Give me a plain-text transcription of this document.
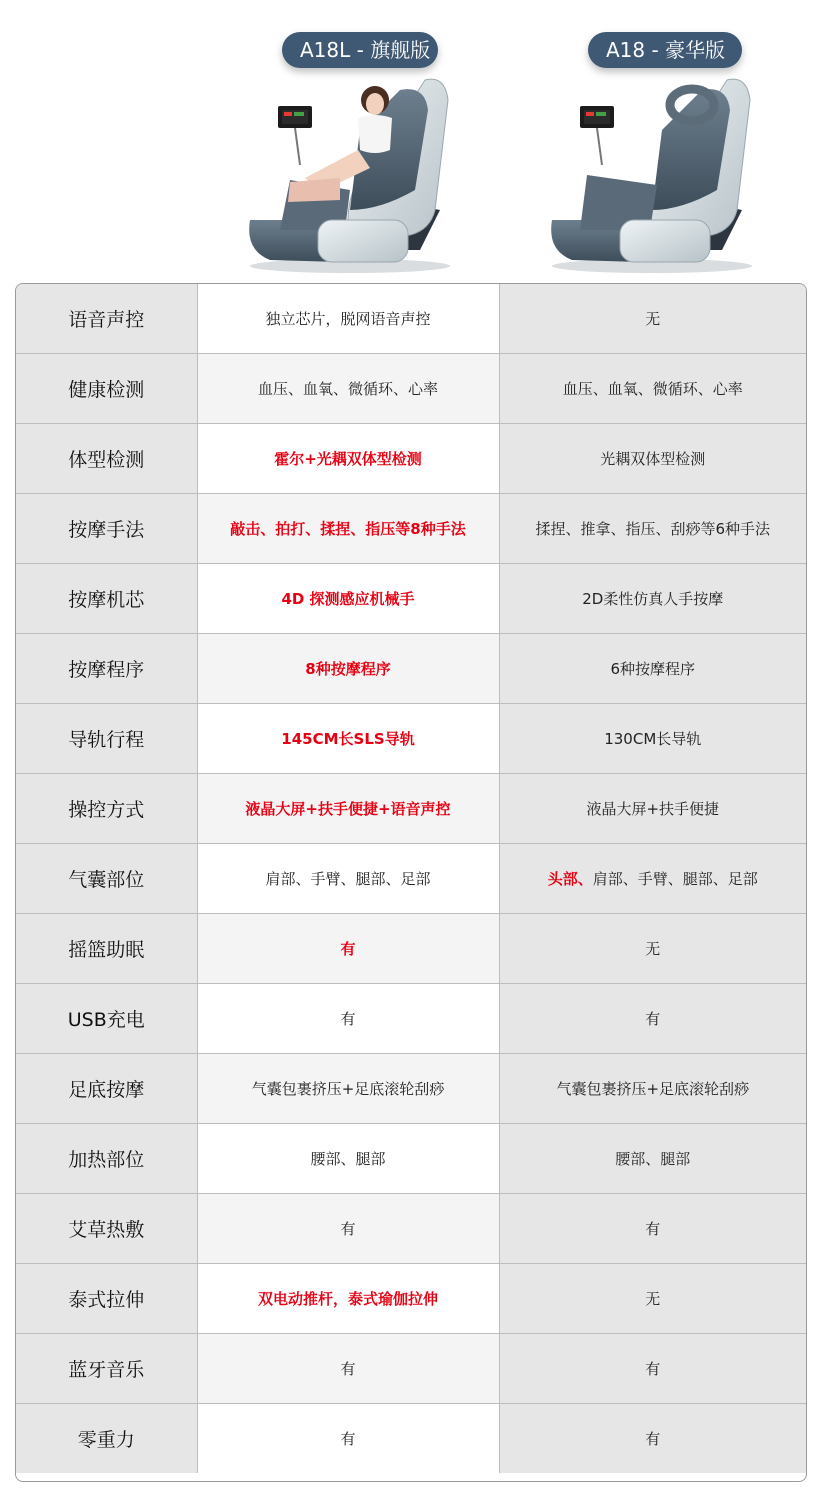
A18L - 旗舰版	A18 - 豪华版
语音声控	独立芯片，脱网语音声控	无
健康检测	血压、血氧、微循环、心率	血压、血氧、微循环、心率
体型检测	霍尔+光耦双体型检测	光耦双体型检测
按摩手法	敲击、拍打、揉捏、指压等8种手法	揉捏、推拿、指压、刮痧等6种手法
按摩机芯	4D 探测感应机械手	2D柔性仿真人手按摩
按摩程序	8种按摩程序	6种按摩程序
导轨行程	145CM长SLS导轨	130CM长导轨
操控方式	液晶大屏+扶手便捷+语音声控	液晶大屏+扶手便捷
气囊部位	肩部、手臂、腿部、足部	头部、肩部、手臂、腿部、足部
摇篮助眠	有	无
USB充电	有	有
足底按摩	气囊包裹挤压+足底滚轮刮痧	气囊包裹挤压+足底滚轮刮痧
加热部位	腰部、腿部	腰部、腿部
艾草热敷	有	有
泰式拉伸	双电动推杆，泰式瑜伽拉伸	无
蓝牙音乐	有	有
零重力	有	有
